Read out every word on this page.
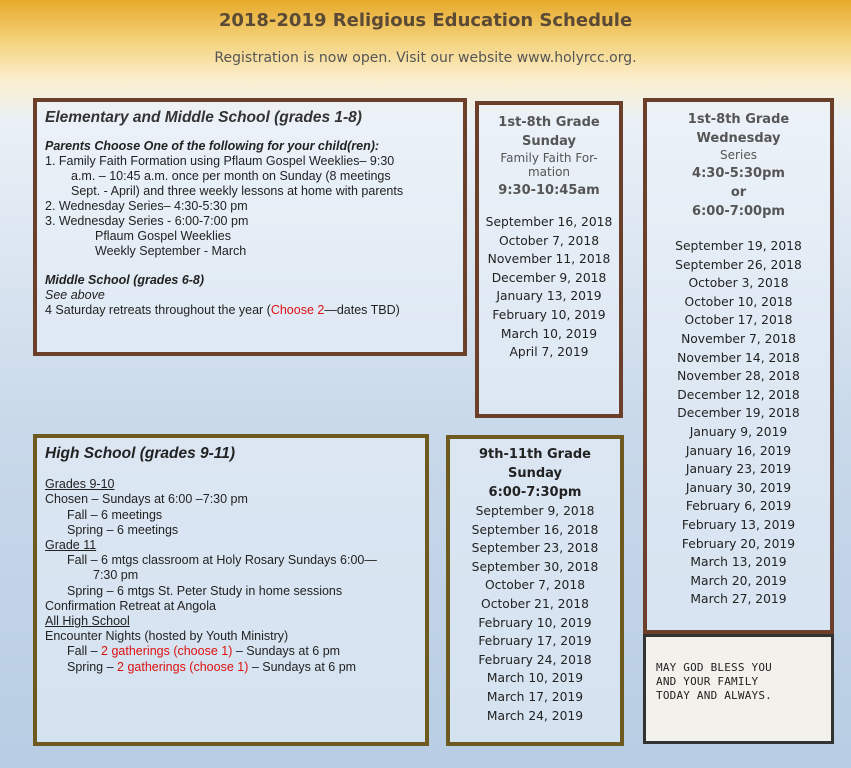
2018-2019 Religious Education Schedule
Registration is now open. Visit our website www.holyrcc.org.
Elementary and Middle School (grades 1-8)
Parents Choose One of the following for your child(ren):
1. Family Faith Formation using Pflaum Gospel Weeklies– 9:30
a.m. – 10:45 a.m. once per month on Sunday (8 meetings
Sept. - April) and three weekly lessons at home with parents
2. Wednesday Series– 4:30-5:30 pm
3. Wednesday Series - 6:00-7:00 pm
Pflaum Gospel Weeklies
Weekly September - March
Middle School (grades 6-8)
See above
4 Saturday retreats throughout the year (Choose 2—dates TBD)
High School (grades 9-11)
Grades 9-10
Chosen – Sundays at 6:00 –7:30 pm
Fall – 6 meetings
Spring – 6 meetings
Grade 11
Fall – 6 mtgs classroom at Holy Rosary Sundays 6:00—
7:30 pm
Spring – 6 mtgs St. Peter Study in home sessions
Confirmation Retreat at Angola
All High School
Encounter Nights (hosted by Youth Ministry)
Fall – 2 gatherings (choose 1) – Sundays at 6 pm
Spring – 2 gatherings (choose 1) – Sundays at 6 pm
1st-8th Grade
Sunday
Family Faith For-
mation
9:30-10:45am
September 16, 2018
October 7, 2018
November 11, 2018
December 9, 2018
January 13, 2019
February 10, 2019
March 10, 2019
April 7, 2019
1st-8th Grade
Wednesday
Series
4:30-5:30pm
or
6:00-7:00pm
September 19, 2018
September 26, 2018
October 3, 2018
October 10, 2018
October 17, 2018
November 7, 2018
November 14, 2018
November 28, 2018
December 12, 2018
December 19, 2018
January 9, 2019
January 16, 2019
January 23, 2019
January 30, 2019
February 6, 2019
February 13, 2019
February 20, 2019
March 13, 2019
March 20, 2019
March 27, 2019
9th-11th Grade
Sunday
6:00-7:30pm
September 9, 2018
September 16, 2018
September 23, 2018
September 30, 2018
October 7, 2018
October 21, 2018
February 10, 2019
February 17, 2019
February 24, 2018
March 10, 2019
March 17, 2019
March 24, 2019
MAY GOD BLESS YOU
AND YOUR FAMILY
TODAY AND ALWAYS.
